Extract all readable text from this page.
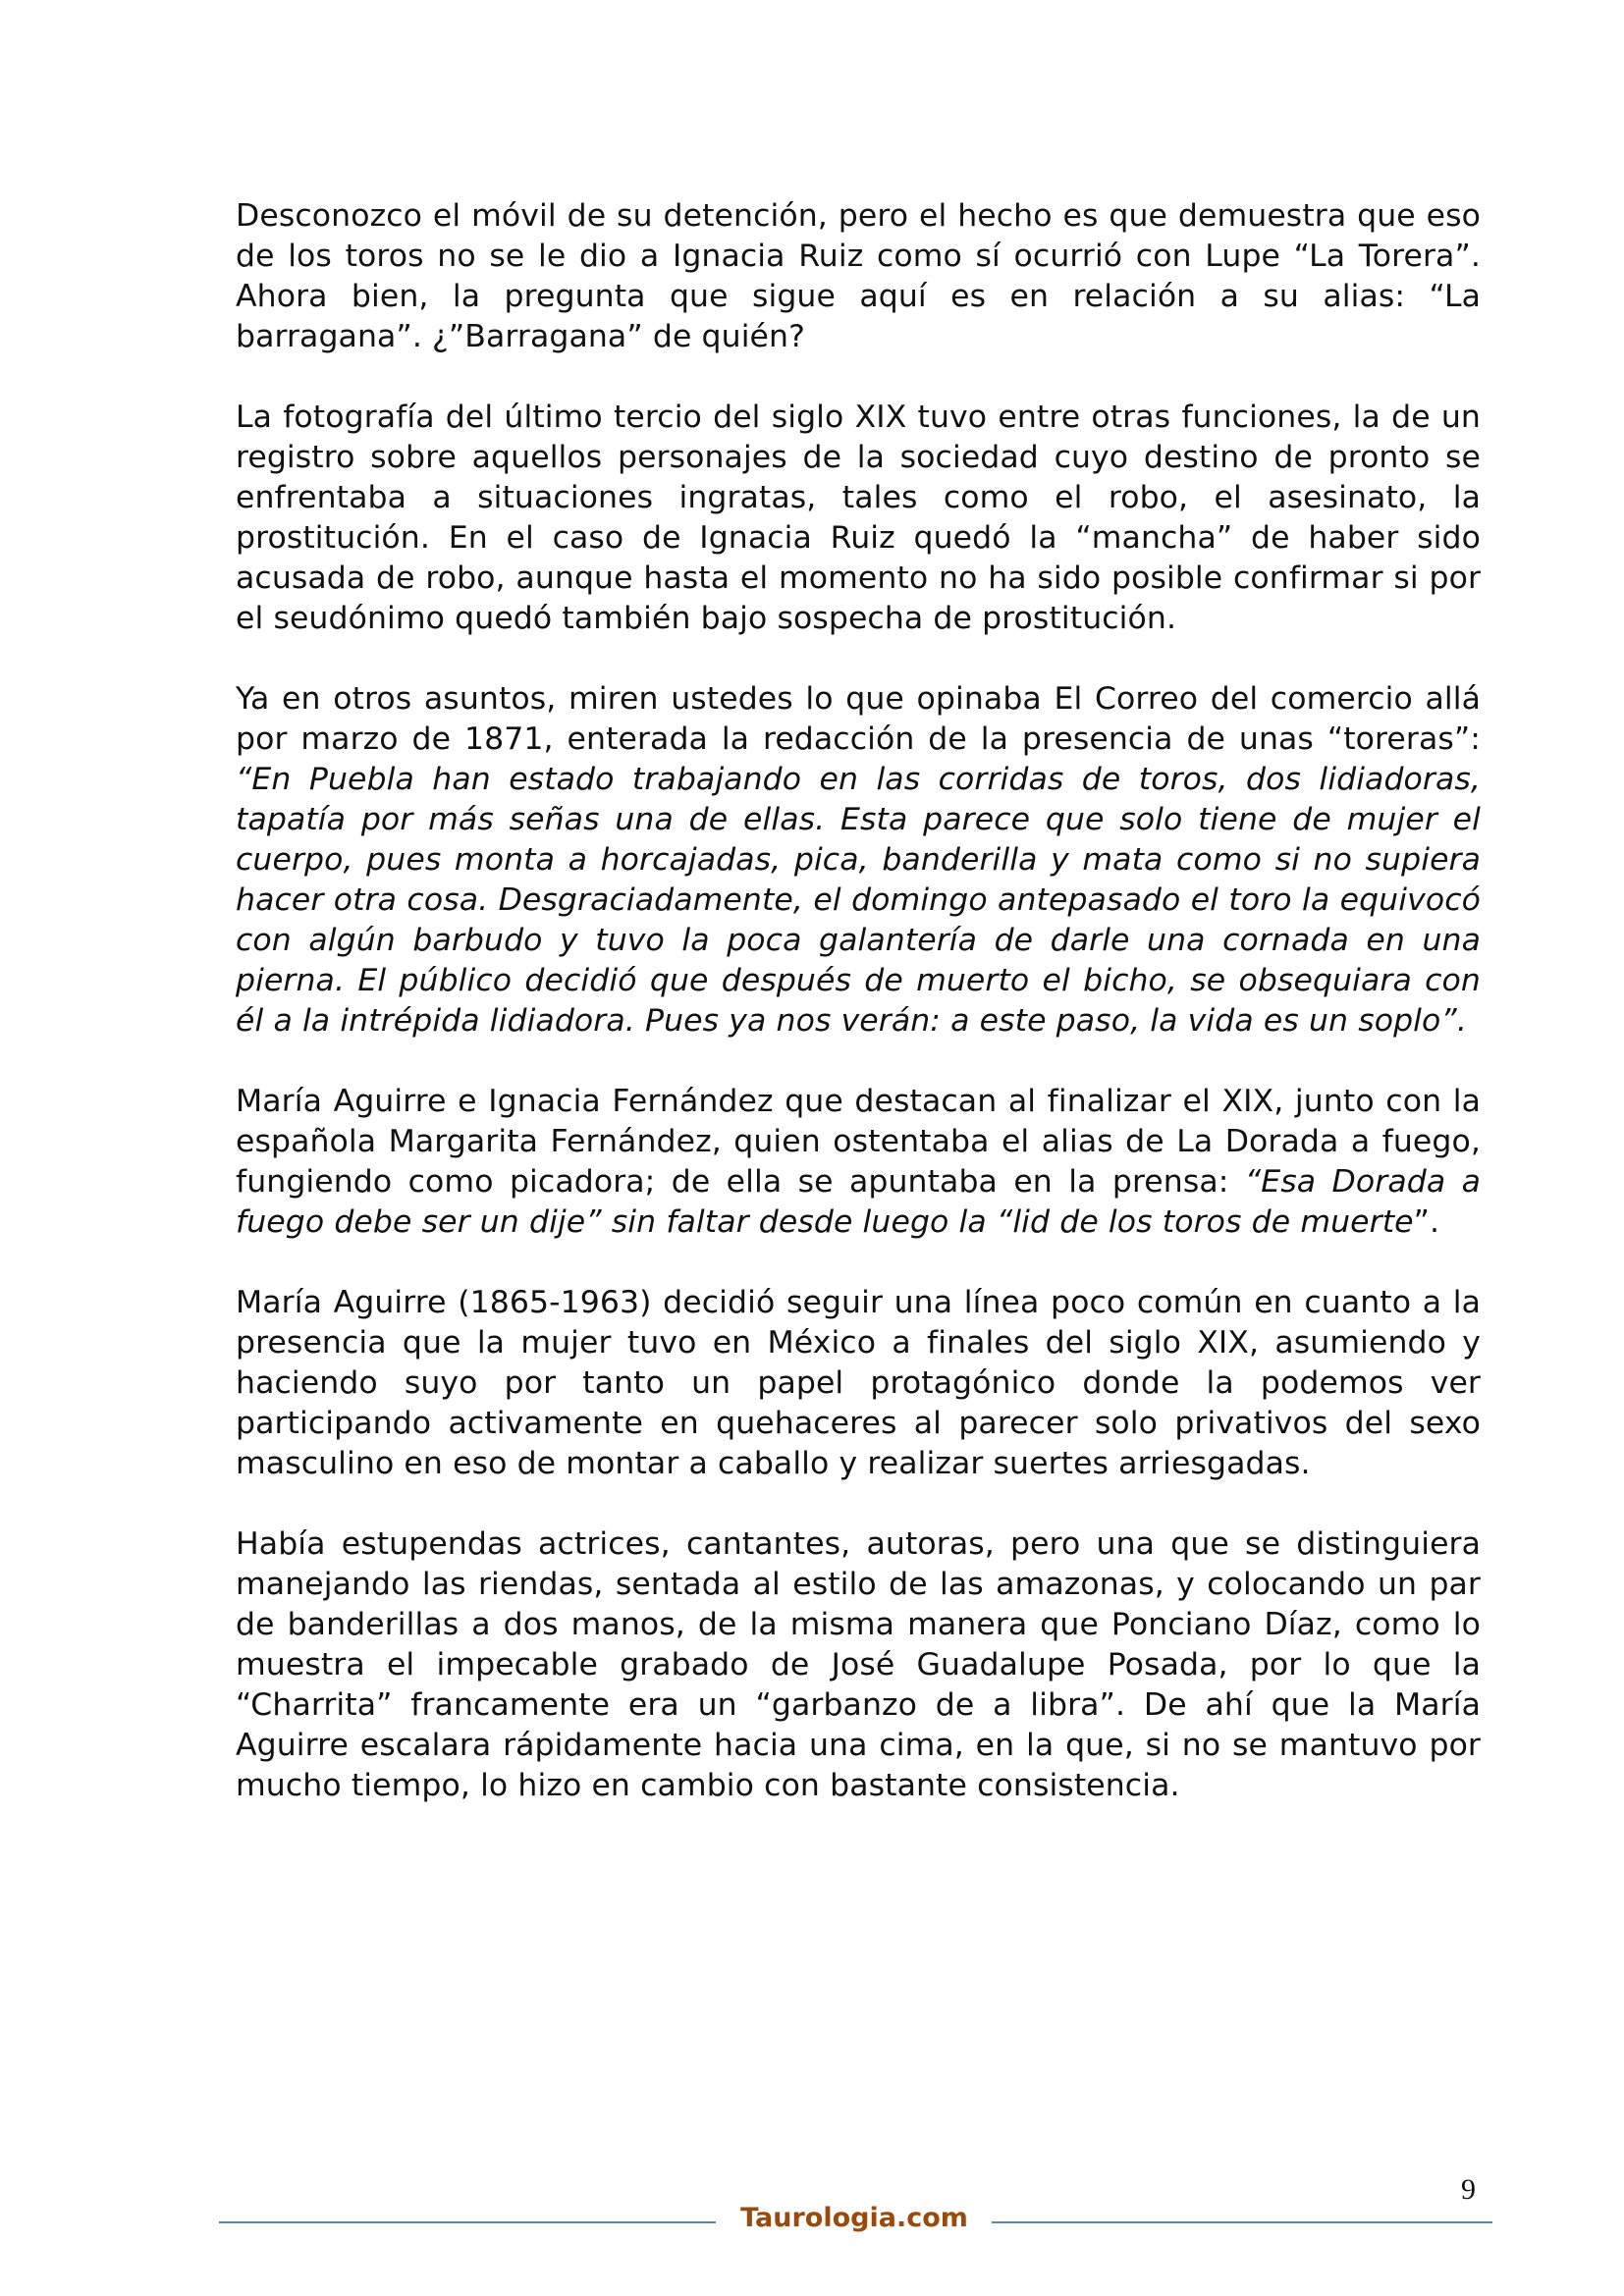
Desconozco el móvil de su detención, pero el hecho es que demuestra que eso de los toros no se le dio a Ignacia Ruiz como sí ocurrió con Lupe “La Torera”. Ahora bien, la pregunta que sigue aquí es en relación a su alias: “La barragana”. ¿”Barragana” de quién?

La fotografía del último tercio del siglo XIX tuvo entre otras funciones, la de un registro sobre aquellos personajes de la sociedad cuyo destino de pronto se enfrentaba a situaciones ingratas, tales como el robo, el asesinato, la prostitución. En el caso de Ignacia Ruiz quedó la “mancha” de haber sido acusada de robo, aunque hasta el momento no ha sido posible confirmar si por el seudónimo quedó también bajo sospecha de prostitución.

Ya en otros asuntos, miren ustedes lo que opinaba El Correo del comercio allá por marzo de 1871, enterada la redacción de la presencia de unas “toreras”: “En Puebla han estado trabajando en las corridas de toros, dos lidiadoras, tapatía por más señas una de ellas. Esta parece que solo tiene de mujer el cuerpo, pues monta a horcajadas, pica, banderilla y mata como si no supiera hacer otra cosa. Desgraciadamente, el domingo antepasado el toro la equivocó con algún barbudo y tuvo la poca galantería de darle una cornada en una pierna. El público decidió que después de muerto el bicho, se obsequiara con él a la intrépida lidiadora. Pues ya nos verán: a este paso, la vida es un soplo”.

María Aguirre e Ignacia Fernández que destacan al finalizar el XIX, junto con la española Margarita Fernández, quien ostentaba el alias de La Dorada a fuego, fungiendo como picadora; de ella se apuntaba en la prensa: “Esa Dorada a fuego debe ser un dije” sin faltar desde luego la “lid de los toros de muerte”.

María Aguirre (1865-1963) decidió seguir una línea poco común en cuanto a la presencia que la mujer tuvo en México a finales del siglo XIX, asumiendo y haciendo suyo por tanto un papel protagónico donde la podemos ver participando activamente en quehaceres al parecer solo privativos del sexo masculino en eso de montar a caballo y realizar suertes arriesgadas.

Había estupendas actrices, cantantes, autoras, pero una que se distinguiera manejando las riendas, sentada al estilo de las amazonas, y colocando un par de banderillas a dos manos, de la misma manera que Ponciano Díaz, como lo muestra el impecable grabado de José Guadalupe Posada, por lo que la “Charrita” francamente era un “garbanzo de a libra”. De ahí que la María Aguirre escalara rápidamente hacia una cima, en la que, si no se mantuvo por mucho tiempo, lo hizo en cambio con bastante consistencia.

9
Taurologia.com
